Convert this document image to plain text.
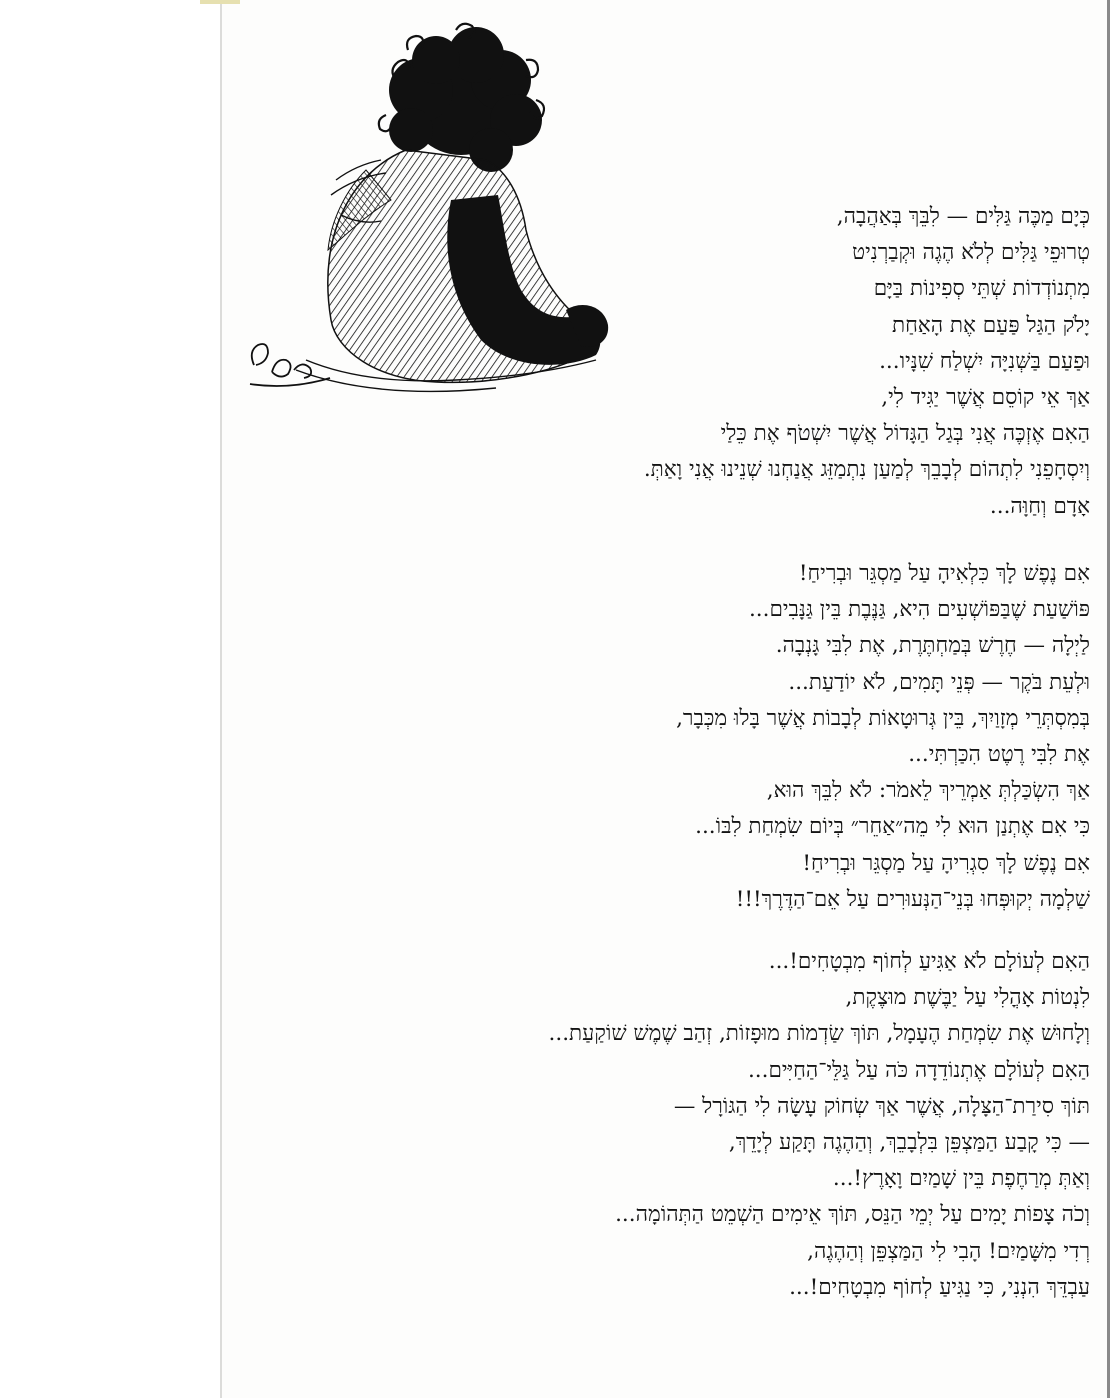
כְּיָם מַכֶּה גַּלִּים — לִבֵּךְ בְּאַהֲבָה,
טְרוּפֵי גַּלִּים לְלֹא הֶגֶה וּקְבַרְנִיט
מִתְנוֹדְדוֹת שְׁתֵּי סְפִינוֹת בַּיָּם
יָלֹק הַגַּל פַּעַם אֶת הָאַחַת
וּפַעַם בַּשְּׁנִיָּה יִשְׁלַח שִׁנָּיו...
אַךְ אֵי קוֹסֵם אֲשֶׁר יַגִּיד לִי,
הַאִם אֶזְכֶּה אֲנִי בְּגַל הַגָּדוֹל אֲשֶׁר יִשְׁטֹף אֶת כֵּלַי
וְיִסְחָפֵנִי לִתְהוֹם לְבָבֵךְ לְמַעַן נִתְמַזֵּג אֲנַחְנוּ שְׁנֵינוּ אֲנִי וָאַתְּ.
אָדָם וְחַוָּה...
אִם נֶפֶשׁ לָךְ כִּלְאִיהָ עַל מַסְגֵּר וּבְרִיחַ!
פּוֹשַׁעַת שֶׁבַּפּוֹשְׁעִים הִיא, גַּנֶּבֶת בֵּין גַּנָּבִים...
לַיְלָה — חֶרֶשׁ בְּמַחְתֶּרֶת, אֶת לִבִּי גָּנְבָה.
וּלְעֵת בֹּקֶר — פְּנֵי תָּמִים, לֹא יוֹדַעַת...
בְּמִסְתְּרֵי מְזָוַיִךְ, בֵּין גְּרוּטָאוֹת לְבָבוֹת אֲשֶׁר בָּלוּ מִכְּבָר,
אֶת לִבִּי רֶטֶט הִכַּרְתִּי...
אַךְ הִשְׂכַּלְתְּ אַמְרֵיךְ לֵאמֹר: לֹא לִבֵּךְ הוּא,
כִּי אִם אֶתְנַן הוּא לִי מֵה״אַחֵר״ בְּיוֹם שִׂמְחַת לִבּוֹ...
אִם נֶפֶשׁ לָךְ סִגְרִיהָ עַל מַסְגֵּר וּבְרִיחַ!
שַׁלְמָה יְקוּפְּחוּ בְּנֵי־הַנְּעוּרִים עַל אֵם־הַדֶּרֶךְ!!!
הַאִם לְעוֹלָם לֹא אַגִּיעַ לְחוֹף מִבְטָחִים!...
לִנְטוֹת אָהֳלִי עַל יַבֶּשֶׁת מוּצֶקֶת,
וְלָחוּשׁ אֶת שִׂמְחַת הֶעָמָל, תּוֹךְ שַׂדְמוֹת מוּפָזוֹת, זְהַב שֶׁמֶשׁ שׁוֹקַעַת...
הַאִם לְעוֹלָם אֶתְנוֹדֵדָה כֹּה עַל גַּלֵּי־הַחַיִּים...
תּוֹךְ סִירַת־הַצָּלָה, אֲשֶׁר אַךְ שְׂחוֹק עָשָׂה לִי הַגּוֹרָל —
— כִּי קָבַע הַמַּצְפֵּן בִּלְבָבֵךְ, וְהַהֶגֶה תָּקַע לְיָדֵךְ,
וְאַתְּ מְרַחֶפֶת בֵּין שָׁמַיִם וָאָרֶץ!...
וְכֹה צָפוֹת יָמִים עַל יְמֵי הַנֵּס, תּוֹךְ אֵימִים הַשְׁמֵט הַתְּהוֹמָה...
רְדִי מִשָּׁמַיִם! הָבִי לִי הַמַּצְפֵּן וְהַהֶגֶה,
עַבְדֵּךְ הִנְנִי, כִּי נַגִּיעַ לְחוֹף מִבְטָחִים!...
